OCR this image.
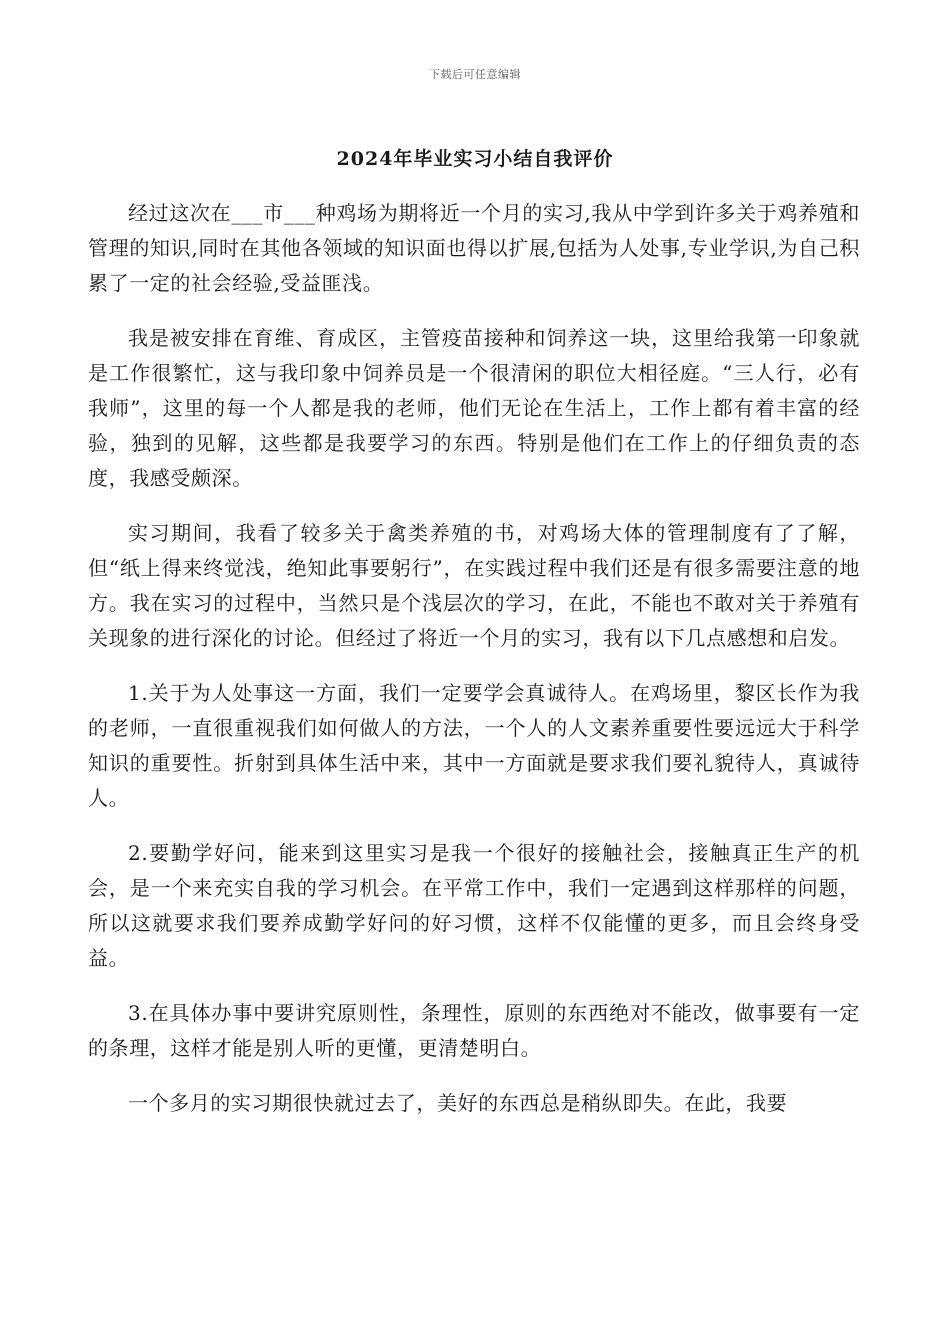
下载后可任意编辑
2024年毕业实习小结自我评价

经过这次在___市___种鸡场为期将近一个月的实习,我从中学到许多关于鸡养殖和管理的知识,同时在其他各领域的知识面也得以扩展,包括为人处事,专业学识,为自己积累了一定的社会经验,受益匪浅。

我是被安排在育维、育成区，主管疫苗接种和饲养这一块，这里给我第一印象就是工作很繁忙，这与我印象中饲养员是一个很清闲的职位大相径庭。“三人行，必有我师”，这里的每一个人都是我的老师，他们无论在生活上，工作上都有着丰富的经验，独到的见解，这些都是我要学习的东西。特别是他们在工作上的仔细负责的态度，我感受颇深。

实习期间，我看了较多关于禽类养殖的书，对鸡场大体的管理制度有了了解，但“纸上得来终觉浅，绝知此事要躬行”，在实践过程中我们还是有很多需要注意的地方。我在实习的过程中，当然只是个浅层次的学习，在此，不能也不敢对关于养殖有关现象的进行深化的讨论。但经过了将近一个月的实习，我有以下几点感想和启发。

1.关于为人处事这一方面，我们一定要学会真诚待人。在鸡场里，黎区长作为我的老师，一直很重视我们如何做人的方法，一个人的人文素养重要性要远远大于科学知识的重要性。折射到具体生活中来，其中一方面就是要求我们要礼貌待人，真诚待人。

2.要勤学好问，能来到这里实习是我一个很好的接触社会，接触真正生产的机会，是一个来充实自我的学习机会。在平常工作中，我们一定遇到这样那样的问题，所以这就要求我们要养成勤学好问的好习惯，这样不仅能懂的更多，而且会终身受益。

3.在具体办事中要讲究原则性，条理性，原则的东西绝对不能改，做事要有一定的条理，这样才能是别人听的更懂，更清楚明白。

一个多月的实习期很快就过去了，美好的东西总是稍纵即失。在此，我要
